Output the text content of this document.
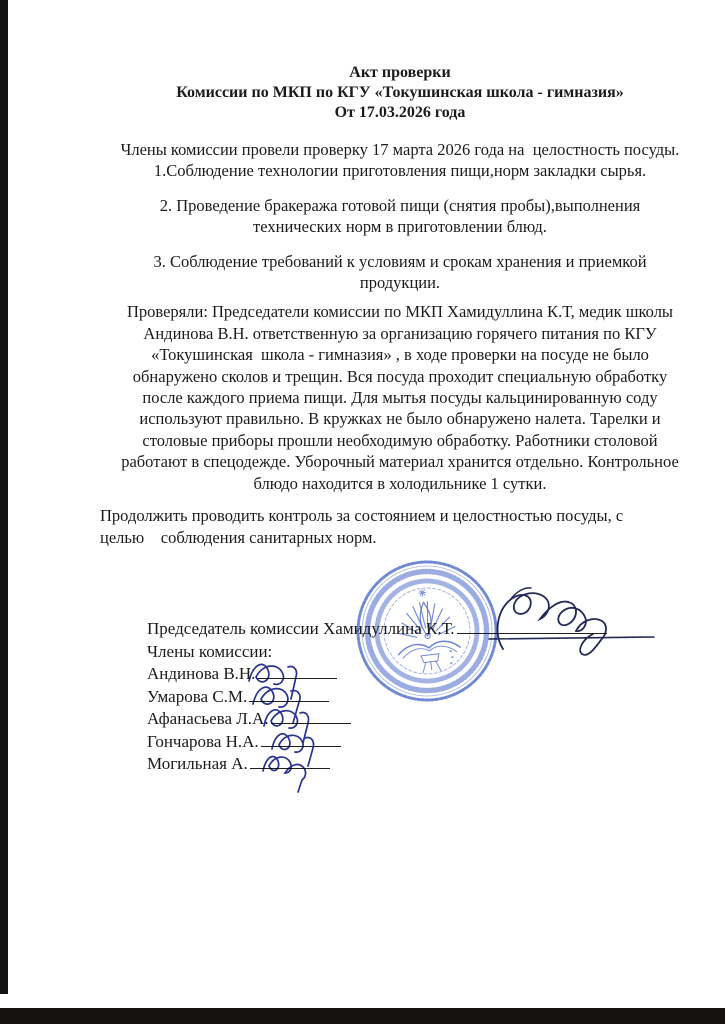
Акт проверки
Комиссии по МКП по КГУ «Токушинская школа - гимназия»
От 17.03.2026 года
Члены комиссии провели проверку 17 марта 2026 года на  целостность посуды.
1.Соблюдение технологии приготовления пищи,норм закладки сырья.
2. Проведение бракеража готовой пищи (снятия пробы),выполнения
технических норм в приготовлении блюд.
3. Соблюдение требований к условиям и срокам хранения и приемкой
продукции.
Проверяли: Председатели комиссии по МКП Хамидуллина К.Т, медик школы
Андинова В.Н. ответственную за организацию горячего питания по КГУ
«Токушинская  школа - гимназия» , в ходе проверки на посуде не было
обнаружено сколов и трещин. Вся посуда проходит специальную обработку
после каждого приема пищи. Для мытья посуды кальцинированную соду
используют правильно. В кружках не было обнаружено налета. Тарелки и
столовые приборы прошли необходимую обработку. Работники столовой
работают в спецодежде. Уборочный материал хранится отдельно. Контрольное
блюдо находится в холодильнике 1 сутки.
Продолжить проводить контроль за состоянием и целостностью посуды, с
целью    соблюдения санитарных норм.
Председатель комиссии Хамидуллина К.Т.
Члены комиссии:
Андинова В.Н.
Умарова С.М.
Афанасьева Л.А.
Гончарова Н.А.
Могильная А.
